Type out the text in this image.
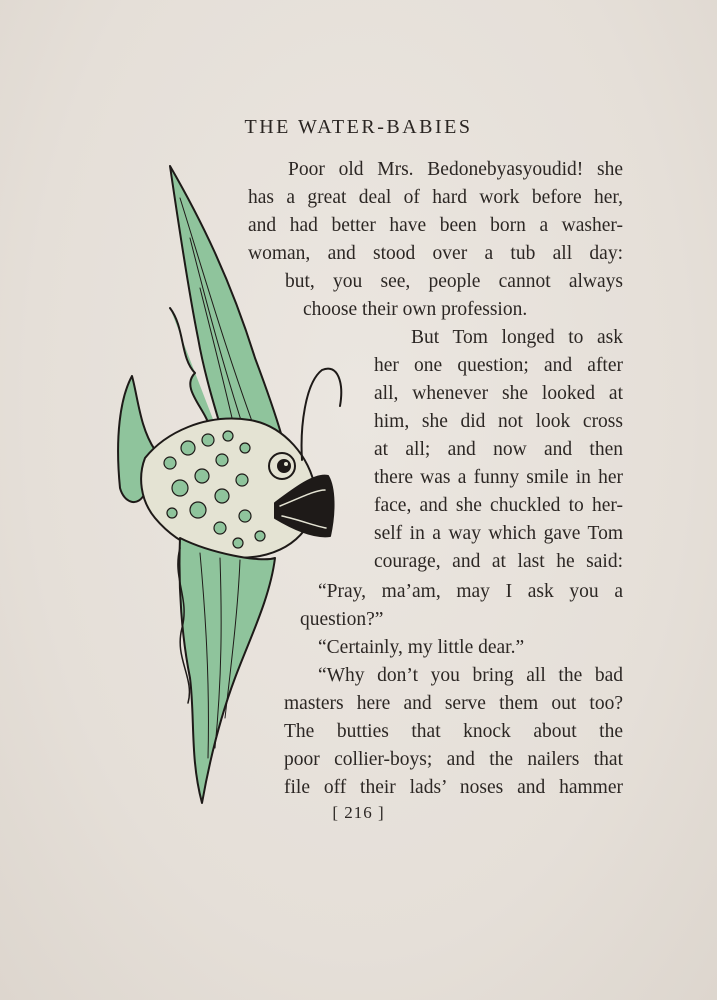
THE WATER-BABIES
Poor old Mrs. Bedonebyasyoudid! she
has a great deal of hard work before her,
and had better have been born a washer-
woman, and stood over a tub all day:
but, you see, people cannot always
choose their own profession.
But Tom longed to ask
her one question; and after
all, whenever she looked at
him, she did not look cross
at all; and now and then
there was a funny smile in her
face, and she chuckled to her-
self in a way which gave Tom
courage, and at last he said:
“Pray, ma’am, may I ask you a
question?”
“Certainly, my little dear.”
“Why don’t you bring all the bad
masters here and serve them out too?
The butties that knock about the
poor collier-boys; and the nailers that
file off their lads’ noses and hammer
[ 216 ]
